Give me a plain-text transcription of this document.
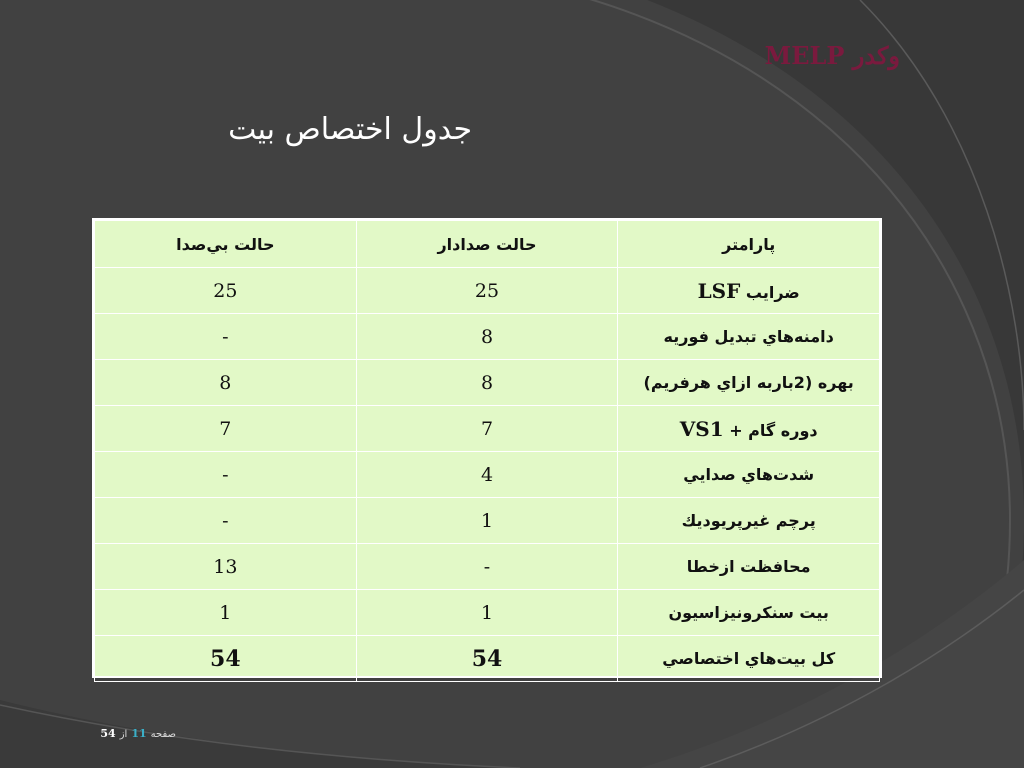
وكدر MELP
جدول اختصاص بيت
پارامتر	حالت صدادار	حالت بي‌صدا
ضرايب LSF	25	25
دامنه‌هاي تبديل فوريه	8	-
بهره (2باربه ازاي هرفريم)	8	8
دوره گام + VS1	7	7
شدت‌هاي صدايي	4	-
پرچم غيرپريوديك	1	-
محافظت ازخطا	-	13
بيت سنكرونيزاسيون	1	1
كل بيت‌هاي اختصاصي	54	54
صفحه11از54
